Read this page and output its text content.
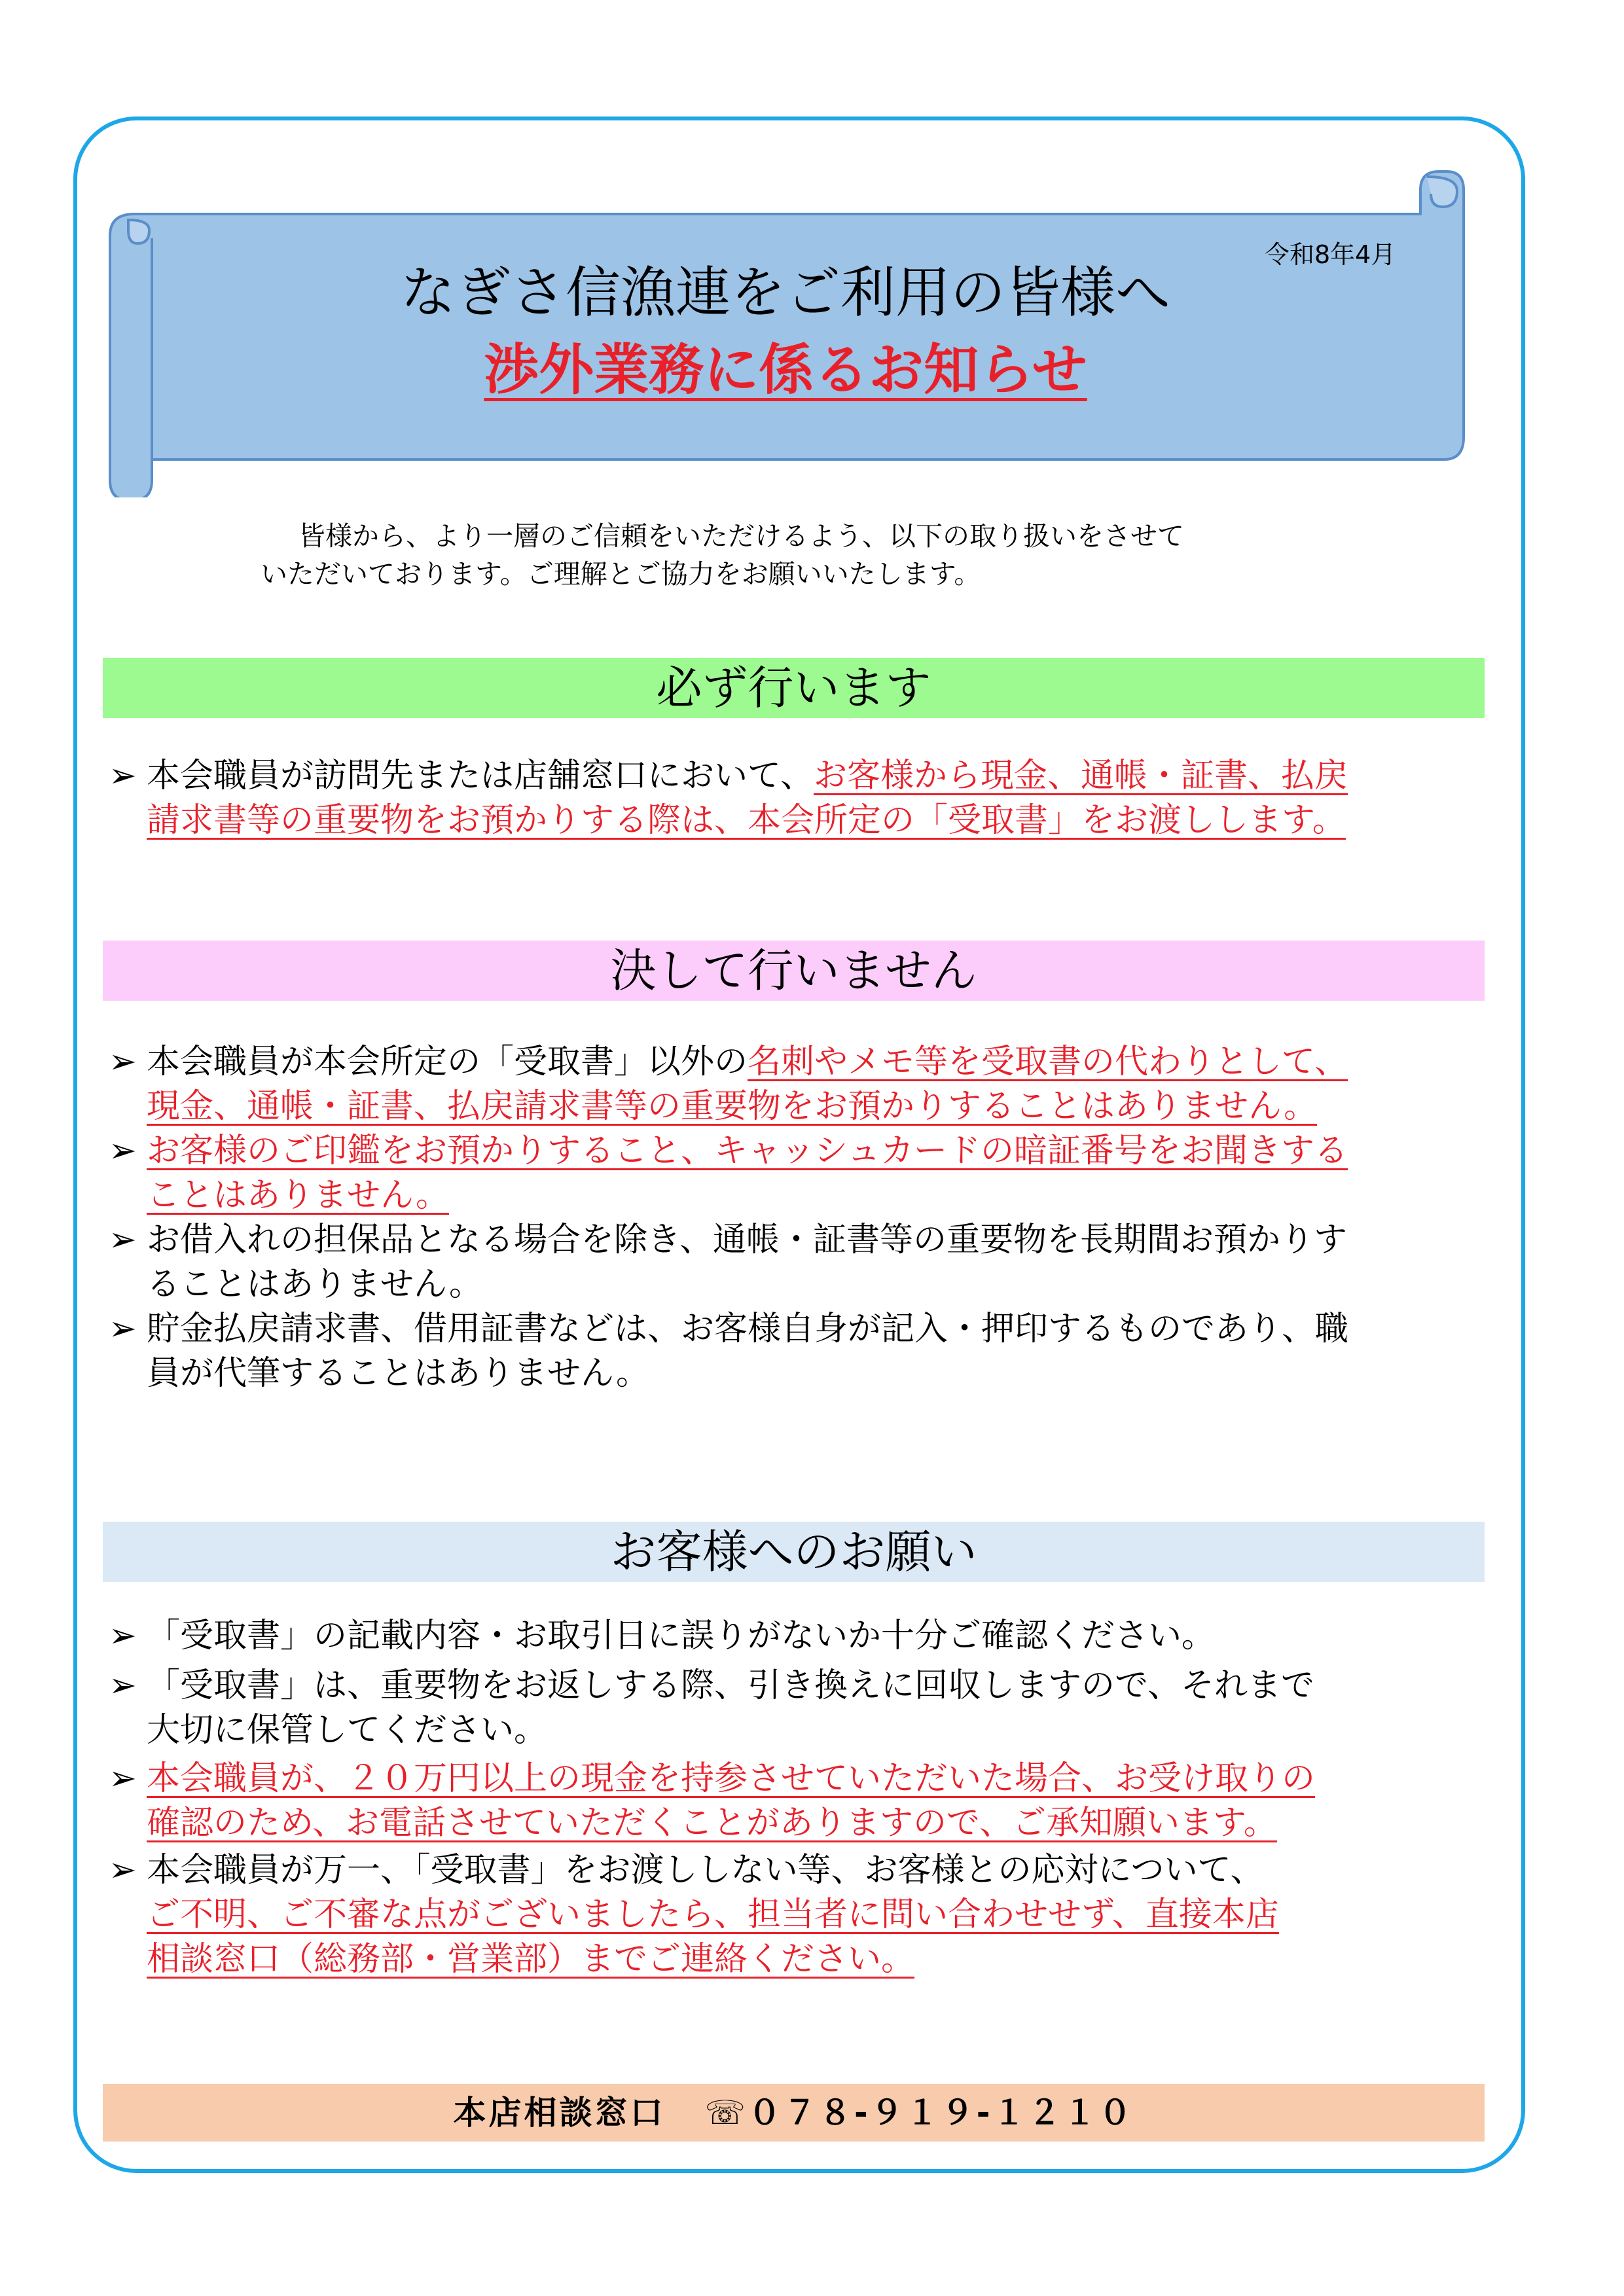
令和8年4月
なぎさ信漁連をご利用の皆様へ
渉外業務に係るお知らせ
皆様から、より一層のご信頼をいただけるよう、以下の取り扱いをさせて
いただいております。ご理解とご協力をお願いいたします。
必ず行います
➢ 本会職員が訪問先または店舗窓口において、お客様から現金、通帳・証書、払戻
請求書等の重要物をお預かりする際は、本会所定の「受取書」をお渡しします。
決して行いません
➢ 本会職員が本会所定の「受取書」以外の名刺やメモ等を受取書の代わりとして、
現金、通帳・証書、払戻請求書等の重要物をお預かりすることはありません。
➢ お客様のご印鑑をお預かりすること、キャッシュカードの暗証番号をお聞きする
ことはありません。
➢ お借入れの担保品となる場合を除き、通帳・証書等の重要物を長期間お預かりす
ることはありません。
➢ 貯金払戻請求書、借用証書などは、お客様自身が記入・押印するものであり、職
員が代筆することはありません。
お客様へのお願い
➢ 「受取書」の記載内容・お取引日に誤りがないか十分ご確認ください。
➢ 「受取書」は、重要物をお返しする際、引き換えに回収しますので、それまで
大切に保管してください。
➢ 本会職員が、２０万円以上の現金を持参させていただいた場合、お受け取りの
確認のため、お電話させていただくことがありますので、ご承知願います。
➢ 本会職員が万一、「受取書」をお渡ししない等、お客様との応対について、
ご不明、ご不審な点がございましたら、担当者に問い合わせせず、直接本店
相談窓口（総務部・営業部）までご連絡ください。
本店相談窓口 ☏０７８-９１９-１２１０
